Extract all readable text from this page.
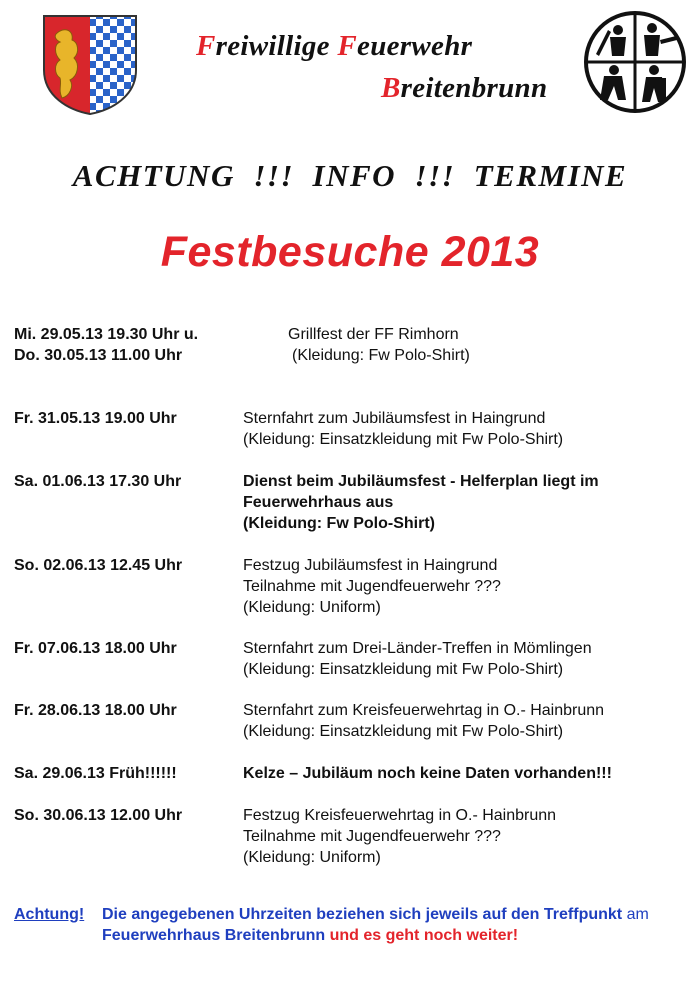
Freiwillige Feuerwehr
Breitenbrunn
ACHTUNG  !!!  INFO  !!!  TERMINE
Festbesuche 2013
Mi. 29.05.13 19.30 Uhr u.	Grillfest der FF Rimhorn
Do. 30.05.13 11.00 Uhr	(Kleidung: Fw Polo-Shirt)
Fr. 31.05.13 19.00 Uhr	Sternfahrt zum Jubiläumsfest in Haingrund
(Kleidung: Einsatzkleidung mit Fw Polo-Shirt)
Sa. 01.06.13 17.30 Uhr	Dienst beim Jubiläumsfest - Helferplan liegt im
Feuerwehrhaus aus
(Kleidung: Fw Polo-Shirt)
So. 02.06.13 12.45 Uhr	Festzug Jubiläumsfest in Haingrund
Teilnahme mit Jugendfeuerwehr ???
(Kleidung: Uniform)
Fr. 07.06.13 18.00 Uhr	Sternfahrt zum Drei-Länder-Treffen in Mömlingen
(Kleidung: Einsatzkleidung mit Fw Polo-Shirt)
Fr. 28.06.13 18.00 Uhr	Sternfahrt zum Kreisfeuerwehrtag in O.- Hainbrunn
(Kleidung: Einsatzkleidung mit Fw Polo-Shirt)
Sa. 29.06.13 Früh!!!!!!	Kelze – Jubiläum noch keine Daten vorhanden!!!
So. 30.06.13 12.00 Uhr	Festzug Kreisfeuerwehrtag in O.- Hainbrunn
Teilnahme mit Jugendfeuerwehr ???
(Kleidung: Uniform)
Achtung! Die angegebenen Uhrzeiten beziehen sich jeweils auf den Treffpunkt am Feuerwehrhaus Breitenbrunn und es geht noch weiter!
